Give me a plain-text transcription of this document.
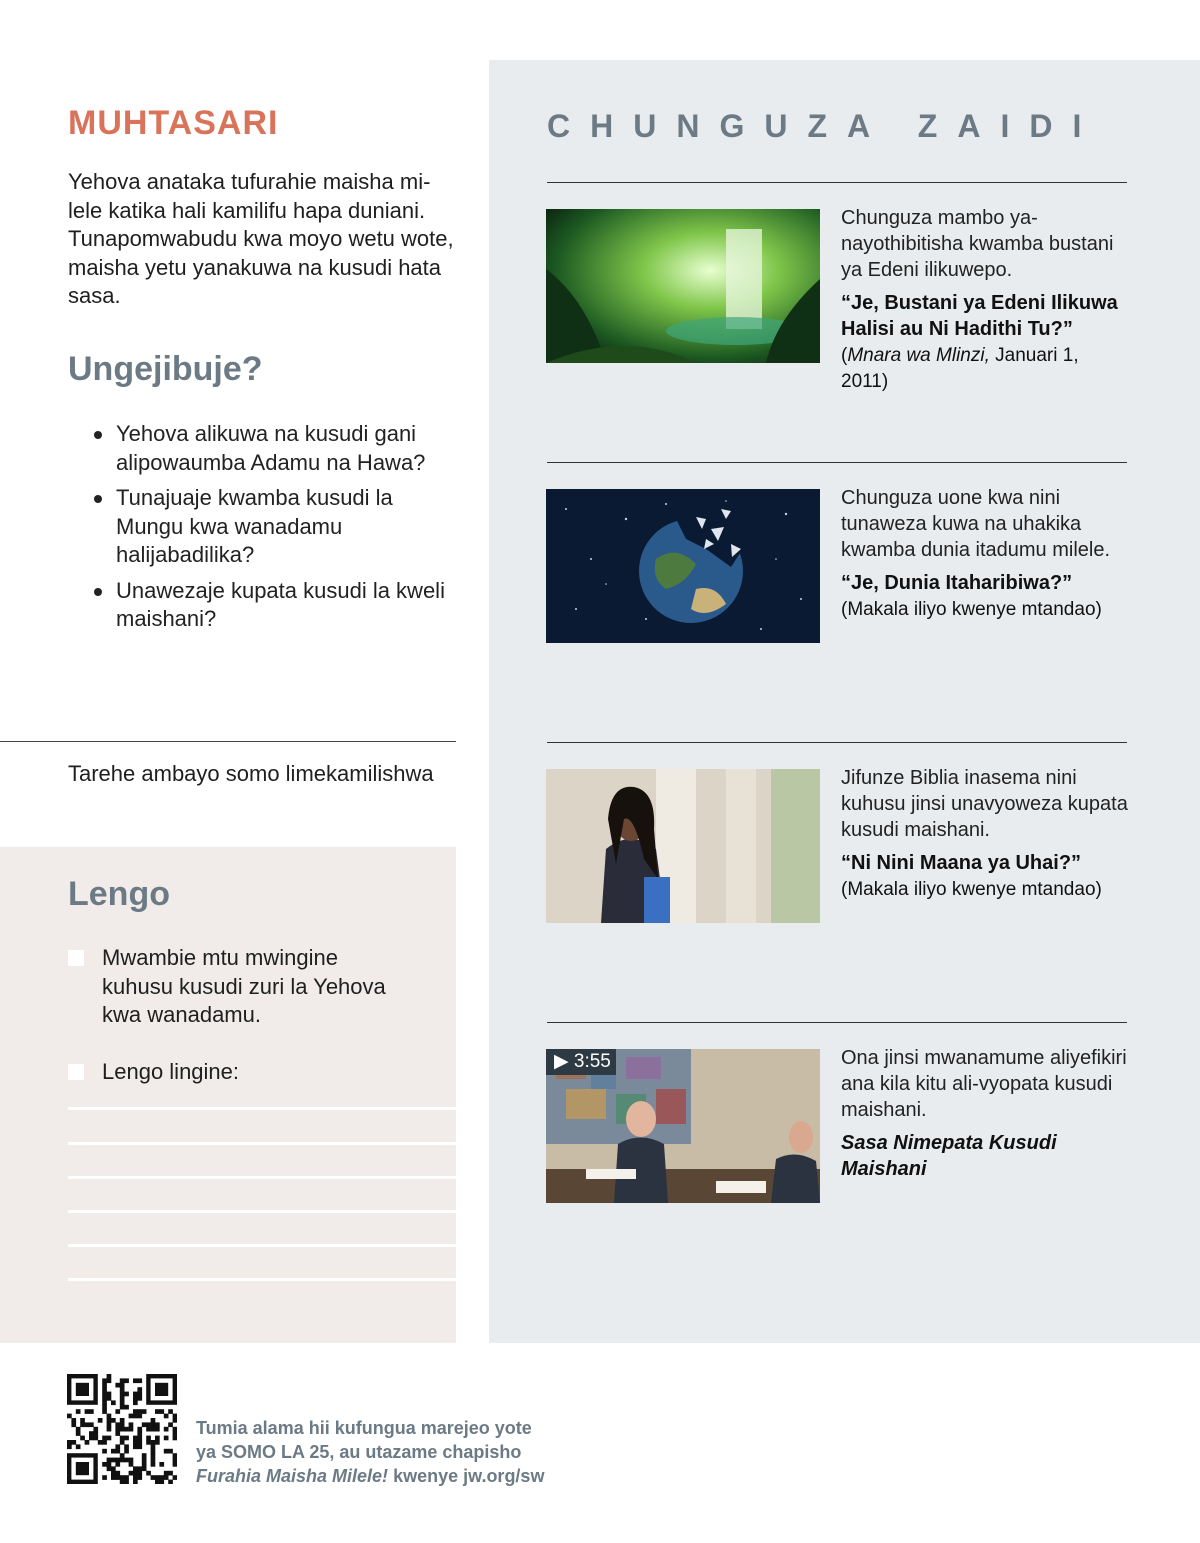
MUHTASARI
Yehova anataka tufurahie maisha mi-lele katika hali kamilifu hapa duniani. Tunapomwabudu kwa moyo wetu wote, maisha yetu yanakuwa na kusudi hata sasa.
Ungejibuje?
Yehova alikuwa na kusudi gani alipowaumba Adamu na Hawa?
Tunajuaje kwamba kusudi la Mungu kwa wanadamu halijabadilika?
Unawezaje kupata kusudi la kweli maishani?
Tarehe ambayo somo limekamilishwa
Lengo
Mwambie mtu mwingine kuhusu kusudi zuri la Yehova kwa wanadamu.
Lengo lingine:
CHUNGUZA ZAIDI
Chunguza mambo ya-nayothibitisha kwamba bustani ya Edeni ilikuwepo.
“Je, Bustani ya Edeni Ilikuwa Halisi au Ni Hadithi Tu?”
(Mnara wa Mlinzi, Januari 1, 2011)
Chunguza uone kwa nini tunaweza kuwa na uhakika kwamba dunia itadumu milele.
“Je, Dunia Itaharibiwa?”
(Makala iliyo kwenye mtandao)
Jifunze Biblia inasema nini kuhusu jinsi unavyoweza kupata kusudi maishani.
“Ni Nini Maana ya Uhai?”
(Makala iliyo kwenye mtandao)
▶ 3:55	Ona jinsi mwanamume aliyefikiri ana kila kitu ali-vyopata kusudi maishani.
Sasa Nimepata Kusudi Maishani
Tumia alama hii kufungua marejeo yote
ya SOMO LA 25, au utazame chapisho
Furahia Maisha Milele! kwenye jw.org/sw
